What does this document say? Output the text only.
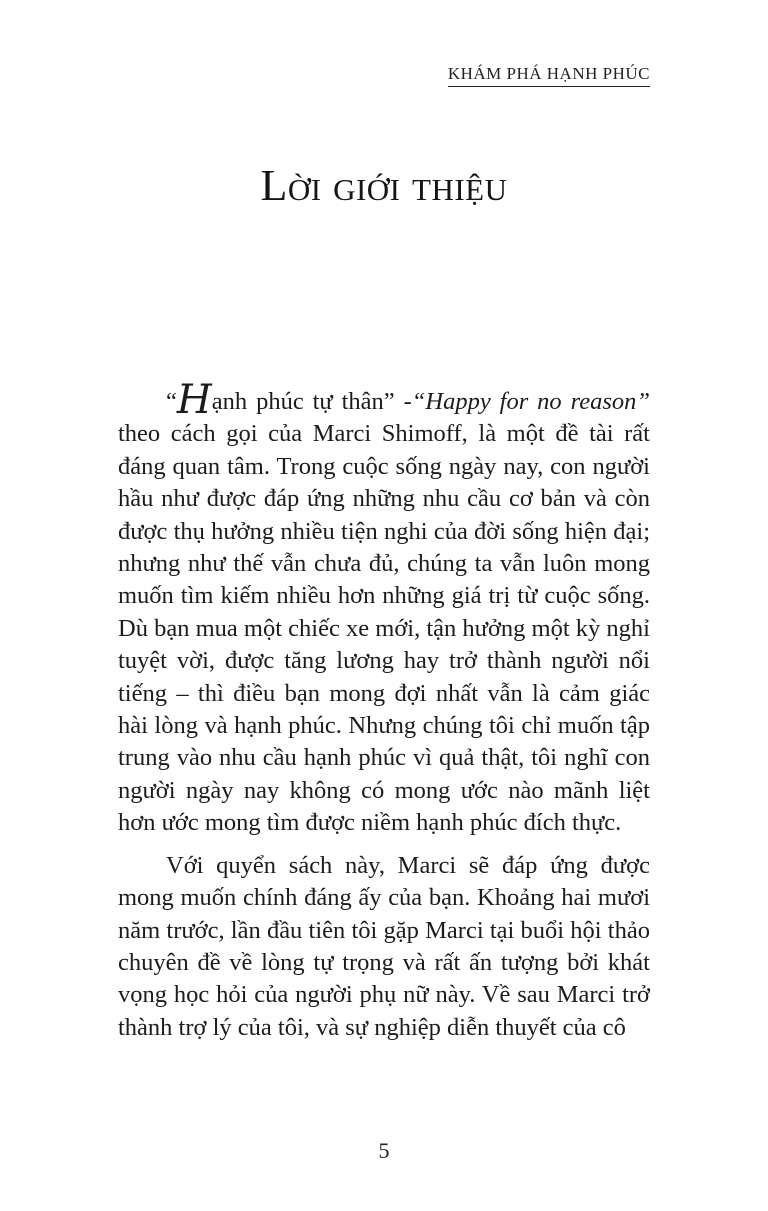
KHÁM PHÁ HẠNH PHÚC
Lời giới thiệu

“Hạnh phúc tự thân” -“Happy for no reason” theo cách gọi của Marci Shimoff, là một đề tài rất đáng quan tâm. Trong cuộc sống ngày nay, con người hầu như được đáp ứng những nhu cầu cơ bản và còn được thụ hưởng nhiều tiện nghi của đời sống hiện đại; nhưng như thế vẫn chưa đủ, chúng ta vẫn luôn mong muốn tìm kiếm nhiều hơn những giá trị từ cuộc sống. Dù bạn mua một chiếc xe mới, tận hưởng một kỳ nghỉ tuyệt vời, được tăng lương hay trở thành người nổi tiếng – thì điều bạn mong đợi nhất vẫn là cảm giác hài lòng và hạnh phúc. Nhưng chúng tôi chỉ muốn tập trung vào nhu cầu hạnh phúc vì quả thật, tôi nghĩ con người ngày nay không có mong ước nào mãnh liệt hơn ước mong tìm được niềm hạnh phúc đích thực.

Với quyển sách này, Marci sẽ đáp ứng được mong muốn chính đáng ấy của bạn. Khoảng hai mươi năm trước, lần đầu tiên tôi gặp Marci tại buổi hội thảo chuyên đề về lòng tự trọng và rất ấn tượng bởi khát vọng học hỏi của người phụ nữ này. Về sau Marci trở thành trợ lý của tôi, và sự nghiệp diễn thuyết của cô

5
